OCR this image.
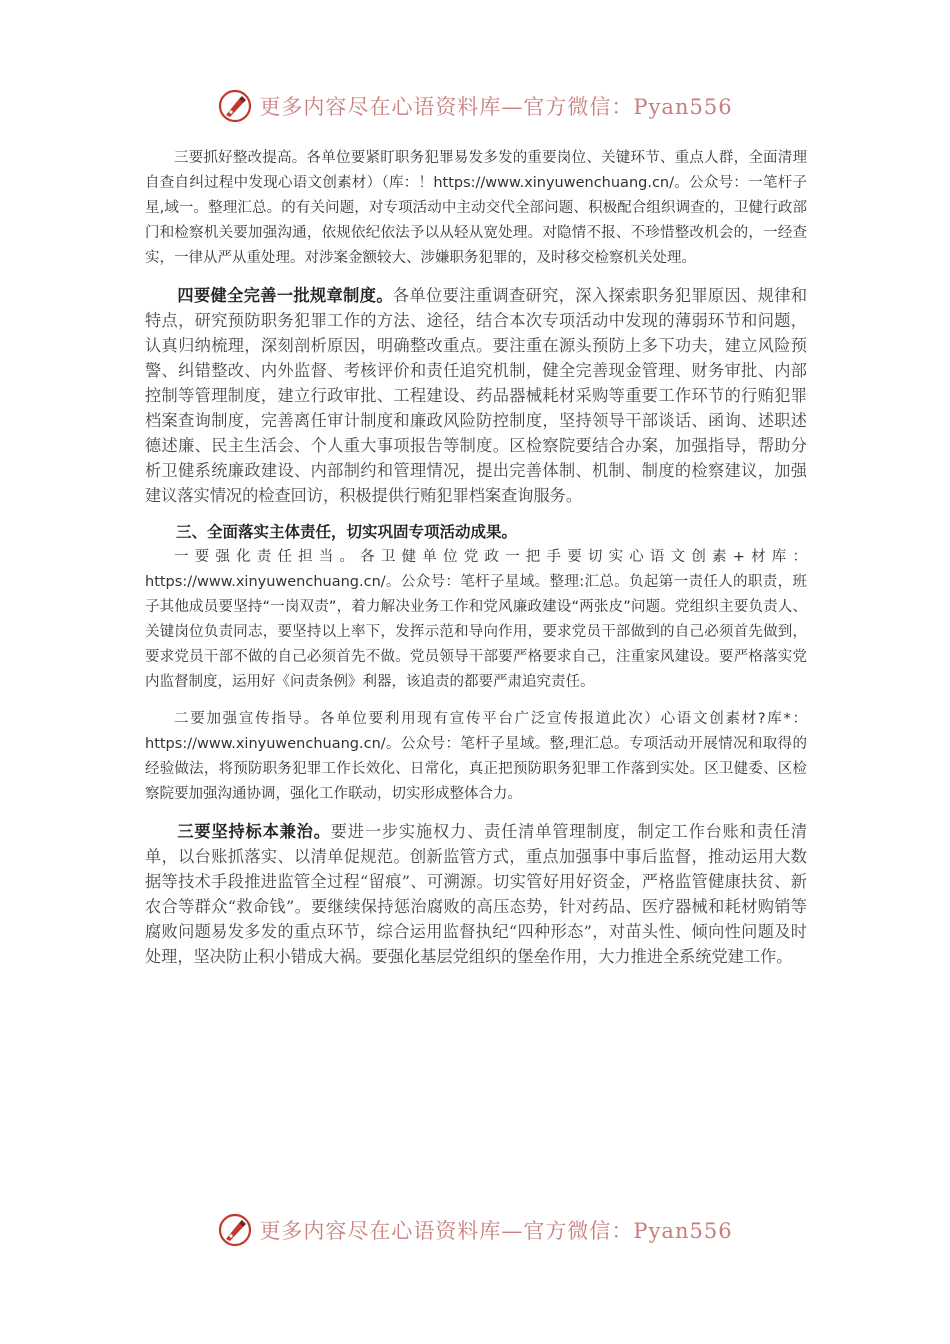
更多内容尽在心语资料库—官方微信：Pyan556

三要抓好整改提高。各单位要紧盯职务犯罪易发多发的重要岗位、关键环节、重点人群，全面清理自查自纠过程中发现心语文创素材）（库：！https://www.xinyuwenchuang.cn/。公众号：一笔杆子星,域一。整理汇总。的有关问题，对专项活动中主动交代全部问题、积极配合组织调查的，卫健行政部门和检察机关要加强沟通，依规依纪依法予以从轻从宽处理。对隐情不报、不珍惜整改机会的，一经查实，一律从严从重处理。对涉案金额较大、涉嫌职务犯罪的，及时移交检察机关处理。

四要健全完善一批规章制度。各单位要注重调查研究，深入探索职务犯罪原因、规律和特点，研究预防职务犯罪工作的方法、途径，结合本次专项活动中发现的薄弱环节和问题，认真归纳梳理，深刻剖析原因，明确整改重点。要注重在源头预防上多下功夫，建立风险预警、纠错整改、内外监督、考核评价和责任追究机制，健全完善现金管理、财务审批、内部控制等管理制度，建立行政审批、工程建设、药品器械耗材采购等重要工作环节的行贿犯罪档案查询制度，完善离任审计制度和廉政风险防控制度，坚持领导干部谈话、函询、述职述德述廉、民主生活会、个人重大事项报告等制度。区检察院要结合办案，加强指导，帮助分析卫健系统廉政建设、内部制约和管理情况，提出完善体制、机制、制度的检察建议，加强建议落实情况的检查回访，积极提供行贿犯罪档案查询服务。

三、全面落实主体责任，切实巩固专项活动成果。

一要强化责任担当。各卫健单位党政一把手要切实心语文创素+材库：https://www.xinyuwenchuang.cn/。公众号：笔杆子星域。整理:汇总。负起第一责任人的职责，班子其他成员要坚持“一岗双责”，着力解决业务工作和党风廉政建设“两张皮”问题。党组织主要负责人、关键岗位负责同志，要坚持以上率下，发挥示范和导向作用，要求党员干部做到的自己必须首先做到，要求党员干部不做的自己必须首先不做。党员领导干部要严格要求自己，注重家风建设。要严格落实党内监督制度，运用好《问责条例》利器，该追责的都要严肃追究责任。

二要加强宣传指导。各单位要利用现有宣传平台广泛宣传报道此次）心语文创素材?库*：https://www.xinyuwenchuang.cn/。公众号：笔杆子星域。整,理汇总。专项活动开展情况和取得的经验做法，将预防职务犯罪工作长效化、日常化，真正把预防职务犯罪工作落到实处。区卫健委、区检察院要加强沟通协调，强化工作联动，切实形成整体合力。

三要坚持标本兼治。要进一步实施权力、责任清单管理制度，制定工作台账和责任清单，以台账抓落实、以清单促规范。创新监管方式，重点加强事中事后监督，推动运用大数据等技术手段推进监管全过程“留痕”、可溯源。切实管好用好资金，严格监管健康扶贫、新农合等群众“救命钱”。要继续保持惩治腐败的高压态势，针对药品、医疗器械和耗材购销等腐败问题易发多发的重点环节，综合运用监督执纪“四种形态”，对苗头性、倾向性问题及时处理，坚决防止积小错成大祸。要强化基层党组织的堡垒作用，大力推进全系统党建工作。

更多内容尽在心语资料库—官方微信：Pyan556
